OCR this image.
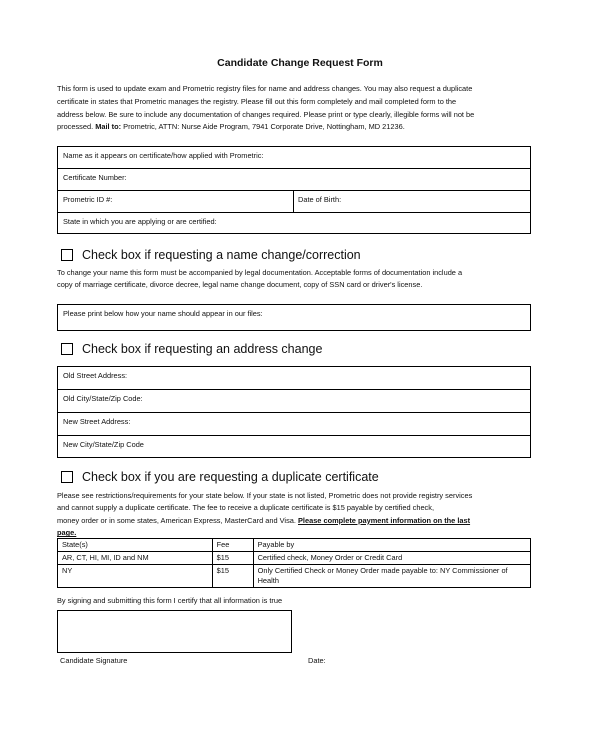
Candidate Change Request Form
This form is used to update exam and Prometric registry files for name and address changes. You may also request a duplicate
certificate in states that Prometric manages the registry. Please fill out this form completely and mail completed form to the
address below. Be sure to include any documentation of changes required. Please print or type clearly, illegible forms will not be
processed. Mail to: Prometric, ATTN: Nurse Aide Program, 7941 Corporate Drive, Nottingham, MD 21236.
Name as it appears on certificate/how applied with Prometric:
Certificate Number:
Prometric ID #:	Date of Birth:
State in which you are applying or are certified:
Check box if requesting a name change/correction
To change your name this form must be accompanied by legal documentation. Acceptable forms of documentation include a
copy of marriage certificate, divorce decree, legal name change document, copy of SSN card or driver's license.
Please print below how your name should appear in our files:
Check box if requesting an address change
Old Street Address:
Old City/State/Zip Code:
New Street Address:
New City/State/Zip Code
Check box if you are requesting a duplicate certificate
Please see restrictions/requirements for your state below. If your state is not listed, Prometric does not provide registry services
and cannot supply a duplicate certificate. The fee to receive a duplicate certificate is $15 payable by certified check,
money order or in some states, American Express, MasterCard and Visa. Please complete payment information on the last
page.
State(s)	Fee	Payable by
AR, CT, HI, MI, ID and NM	$15	Certified check, Money Order or Credit Card
NY	$15	Only Certified Check or Money Order made payable to: NY Commissioner of Health
By signing and submitting this form I certify that all information is true
Candidate Signature	Date:
